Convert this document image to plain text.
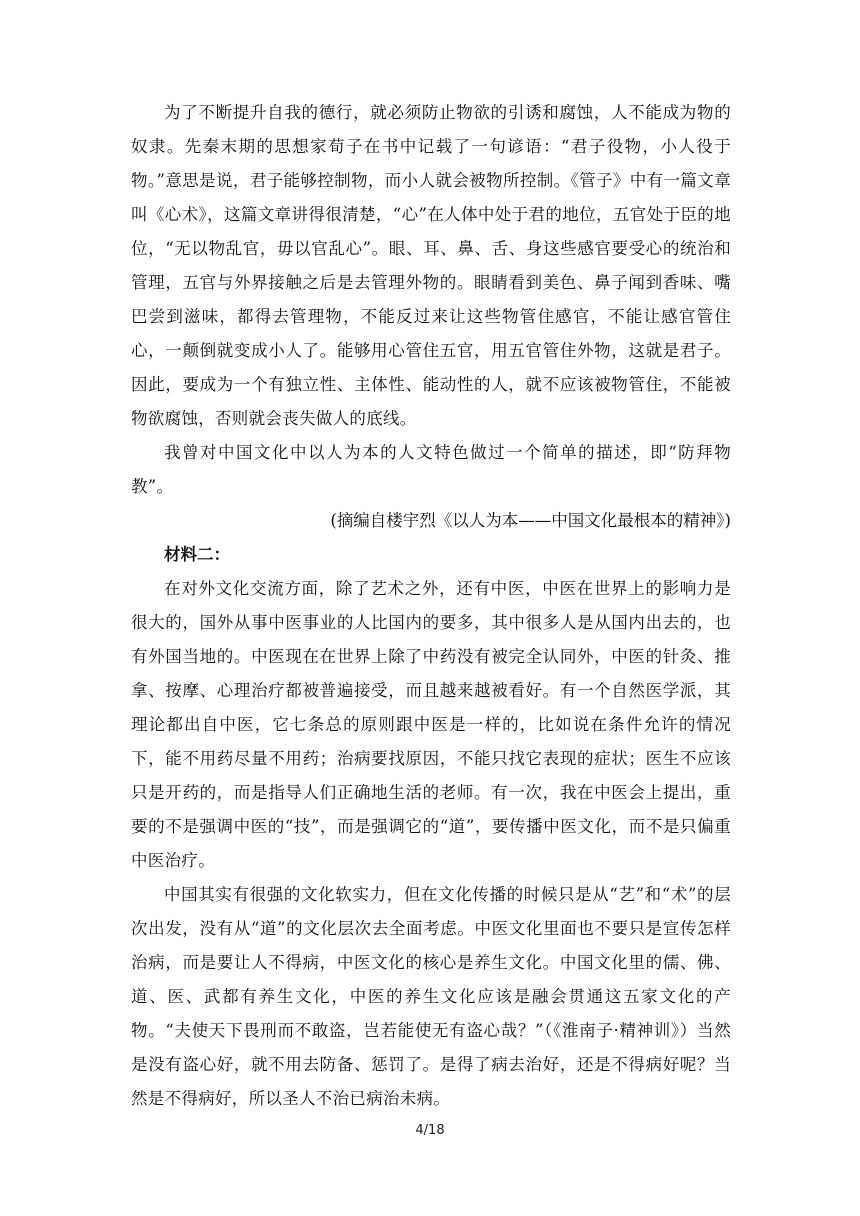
为了不断提升自我的德行，就必须防止物欲的引诱和腐蚀，人不能成为物的奴隶。先秦末期的思想家荀子在书中记载了一句谚语：“君子役物，小人役于物。”意思是说，君子能够控制物，而小人就会被物所控制。《管子》中有一篇文章叫《心术》，这篇文章讲得很清楚，“心”在人体中处于君的地位，五官处于臣的地位，“无以物乱官，毋以官乱心”。眼、耳、鼻、舌、身这些感官要受心的统治和管理，五官与外界接触之后是去管理外物的。眼睛看到美色、鼻子闻到香味、嘴巴尝到滋味，都得去管理物，不能反过来让这些物管住感官，不能让感官管住心，一颠倒就变成小人了。能够用心管住五官，用五官管住外物，这就是君子。因此，要成为一个有独立性、主体性、能动性的人，就不应该被物管住，不能被物欲腐蚀，否则就会丧失做人的底线。

我曾对中国文化中以人为本的人文特色做过一个简单的描述，即“防拜物教”。

(摘编自楼宇烈《以人为本——中国文化最根本的精神》)

材料二：

在对外文化交流方面，除了艺术之外，还有中医，中医在世界上的影响力是很大的，国外从事中医事业的人比国内的要多，其中很多人是从国内出去的，也有外国当地的。中医现在在世界上除了中药没有被完全认同外，中医的针灸、推拿、按摩、心理治疗都被普遍接受，而且越来越被看好。有一个自然医学派，其理论都出自中医，它七条总的原则跟中医是一样的，比如说在条件允许的情况下，能不用药尽量不用药；治病要找原因，不能只找它表现的症状；医生不应该只是开药的，而是指导人们正确地生活的老师。有一次，我在中医会上提出，重要的不是强调中医的“技”，而是强调它的“道”，要传播中医文化，而不是只偏重中医治疗。

中国其实有很强的文化软实力，但在文化传播的时候只是从“艺”和“术”的层次出发，没有从“道”的文化层次去全面考虑。中医文化里面也不要只是宣传怎样治病，而是要让人不得病，中医文化的核心是养生文化。中国文化里的儒、佛、道、医、武都有养生文化，中医的养生文化应该是融会贯通这五家文化的产物。“夫使天下畏刑而不敢盗，岂若能使无有盗心哉？”（《淮南子·精神训》）当然是没有盗心好，就不用去防备、惩罚了。是得了病去治好，还是不得病好呢？当然是不得病好，所以圣人不治已病治未病。

4/18
